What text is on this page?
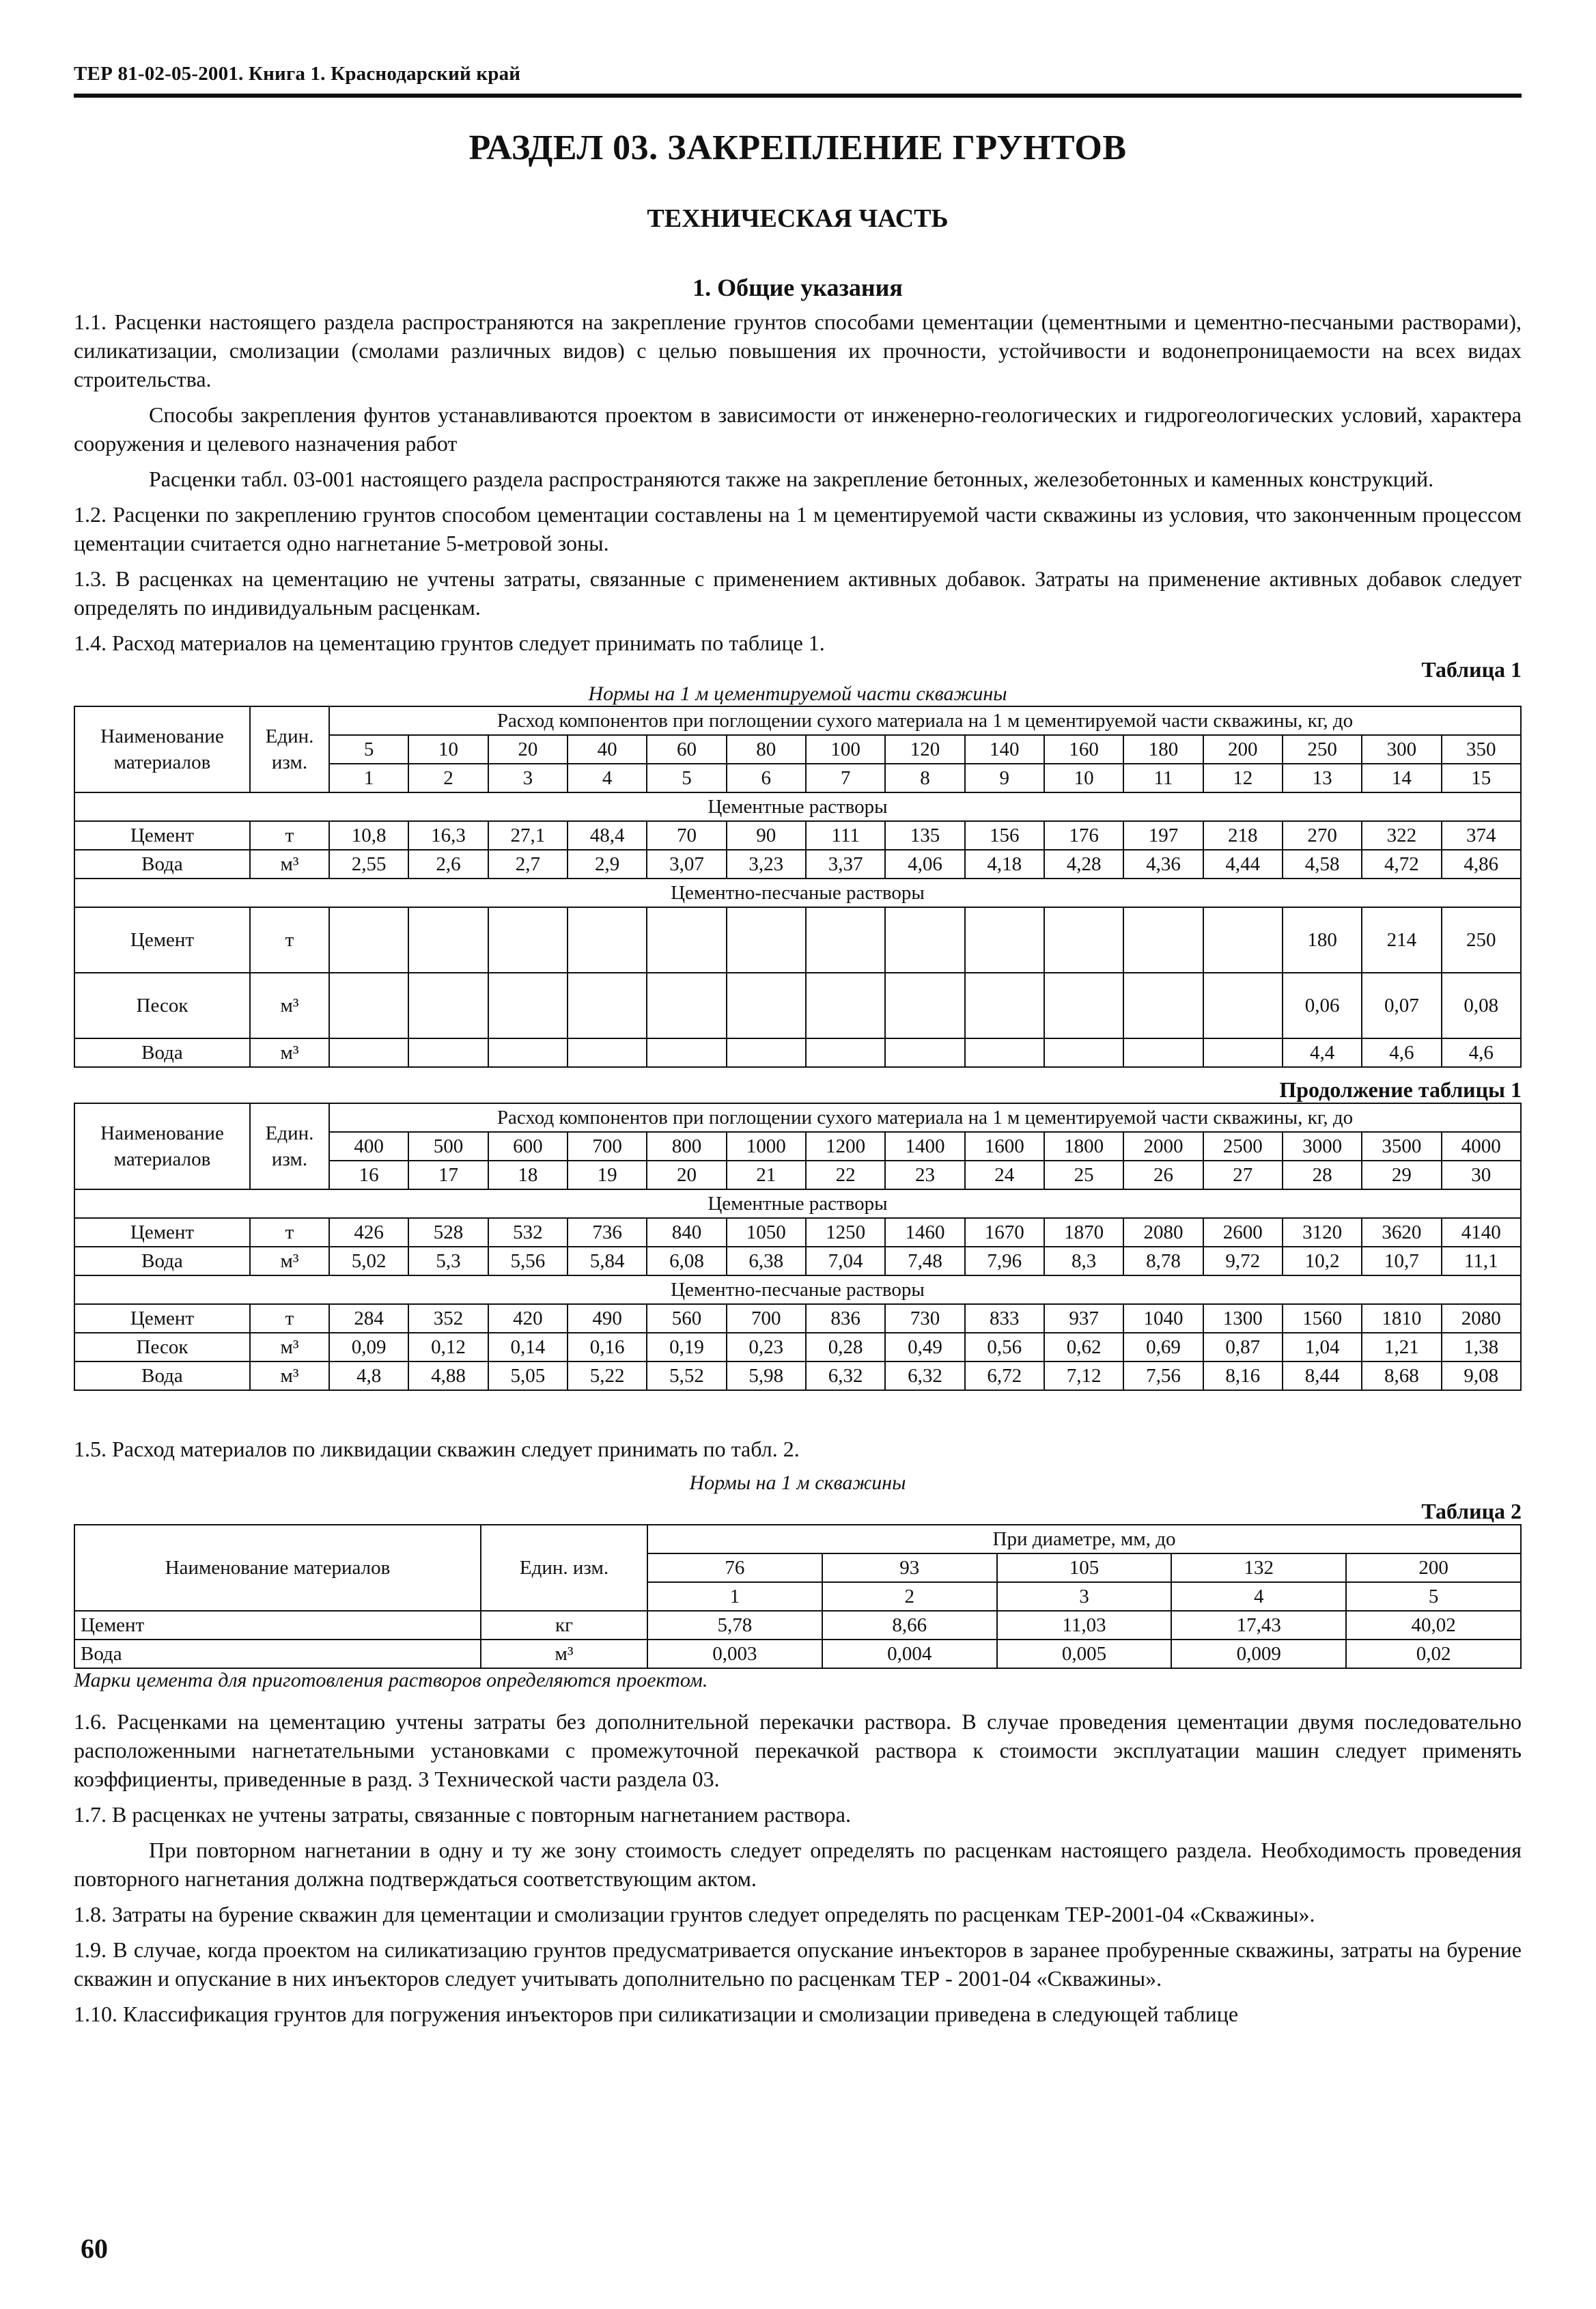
ТЕР 81-02-05-2001. Книга 1. Краснодарский край
РАЗДЕЛ 03. ЗАКРЕПЛЕНИЕ ГРУНТОВ
ТЕХНИЧЕСКАЯ ЧАСТЬ
1. Общие указания

1.1. Расценки настоящего раздела распространяются на закрепление грунтов способами цементации (цементными и цементно-песчаными растворами), силикатизации, смолизации (смолами различных видов) с целью повышения их прочности, устойчивости и водонепроницаемости на всех видах строительства.

Способы закрепления фунтов устанавливаются проектом в зависимости от инженерно-геологических и гидрогеологических условий, характера сооружения и целевого назначения работ

Расценки табл. 03-001 настоящего раздела распространяются также на закрепление бетонных, железобетонных и каменных конструкций.

1.2. Расценки по закреплению грунтов способом цементации составлены на 1 м цементируемой части скважины из условия, что законченным процессом цементации считается одно нагнетание 5-метровой зоны.

1.3. В расценках на цементацию не учтены затраты, связанные с применением активных добавок. Затраты на применение активных добавок следует определять по индивидуальным расценкам.

1.4. Расход материалов на цементацию грунтов следует принимать по таблице 1.

Таблица 1
Нормы на 1 м цементируемой части скважины
Наименование материалов	Един. изм.	Расход компонентов при поглощении сухого материала на 1 м цементируемой части скважины, кг, до														
		5	10	20	40	60	80	100	120	140	160	180	200	250	300	350
		1	2	3	4	5	6	7	8	9	10	11	12	13	14	15
Цементные растворы																
Цемент	т	10,8	16,3	27,1	48,4	70	90	111	135	156	176	197	218	270	322	374
Вода	м³	2,55	2,6	2,7	2,9	3,07	3,23	3,37	4,06	4,18	4,28	4,36	4,44	4,58	4,72	4,86
Цементно-песчаные растворы																
Цемент	т													180	214	250
Песок	м³													0,06	0,07	0,08
Вода	м³													4,4	4,6	4,6
Продолжение таблицы 1
Наименование материалов	Един. изм.	Расход компонентов при поглощении сухого материала на 1 м цементируемой части скважины, кг, до														
		400	500	600	700	800	1000	1200	1400	1600	1800	2000	2500	3000	3500	4000
		16	17	18	19	20	21	22	23	24	25	26	27	28	29	30
Цементные растворы																
Цемент	т	426	528	532	736	840	1050	1250	1460	1670	1870	2080	2600	3120	3620	4140
Вода	м³	5,02	5,3	5,56	5,84	6,08	6,38	7,04	7,48	7,96	8,3	8,78	9,72	10,2	10,7	11,1
Цементно-песчаные растворы																
Цемент	т	284	352	420	490	560	700	836	730	833	937	1040	1300	1560	1810	2080
Песок	м³	0,09	0,12	0,14	0,16	0,19	0,23	0,28	0,49	0,56	0,62	0,69	0,87	1,04	1,21	1,38
Вода	м³	4,8	4,88	5,05	5,22	5,52	5,98	6,32	6,32	6,72	7,12	7,56	8,16	8,44	8,68	9,08

1.5. Расход материалов по ликвидации скважин следует принимать по табл. 2.

Нормы на 1 м скважины
Таблица 2
Наименование материалов	Един. изм.	При диаметре, мм, до				
		76	93	105	132	200
		1	2	3	4	5
Цемент	кг	5,78	8,66	11,03	17,43	40,02
Вода	м³	0,003	0,004	0,005	0,009	0,02
Марки цемента для приготовления растворов определяются проектом.

1.6. Расценками на цементацию учтены затраты без дополнительной перекачки раствора. В случае проведения цементации двумя последовательно расположенными нагнетательными установками с промежуточной перекачкой раствора к стоимости эксплуатации машин следует применять коэффициенты, приведенные в разд. 3 Технической части раздела 03.

1.7. В расценках не учтены затраты, связанные с повторным нагнетанием раствора.

При повторном нагнетании в одну и ту же зону стоимость следует определять по расценкам настоящего раздела. Необходимость проведения повторного нагнетания должна подтверждаться соответствующим актом.

1.8. Затраты на бурение скважин для цементации и смолизации грунтов следует определять по расценкам ТЕР-2001-04 «Скважины».

1.9. В случае, когда проектом на силикатизацию грунтов предусматривается опускание инъекторов в заранее пробуренные скважины, затраты на бурение скважин и опускание в них инъекторов следует учитывать дополнительно по расценкам ТЕР - 2001-04 «Скважины».

1.10. Классификация грунтов для погружения инъекторов при силикатизации и смолизации приведена в следующей таблице

60
